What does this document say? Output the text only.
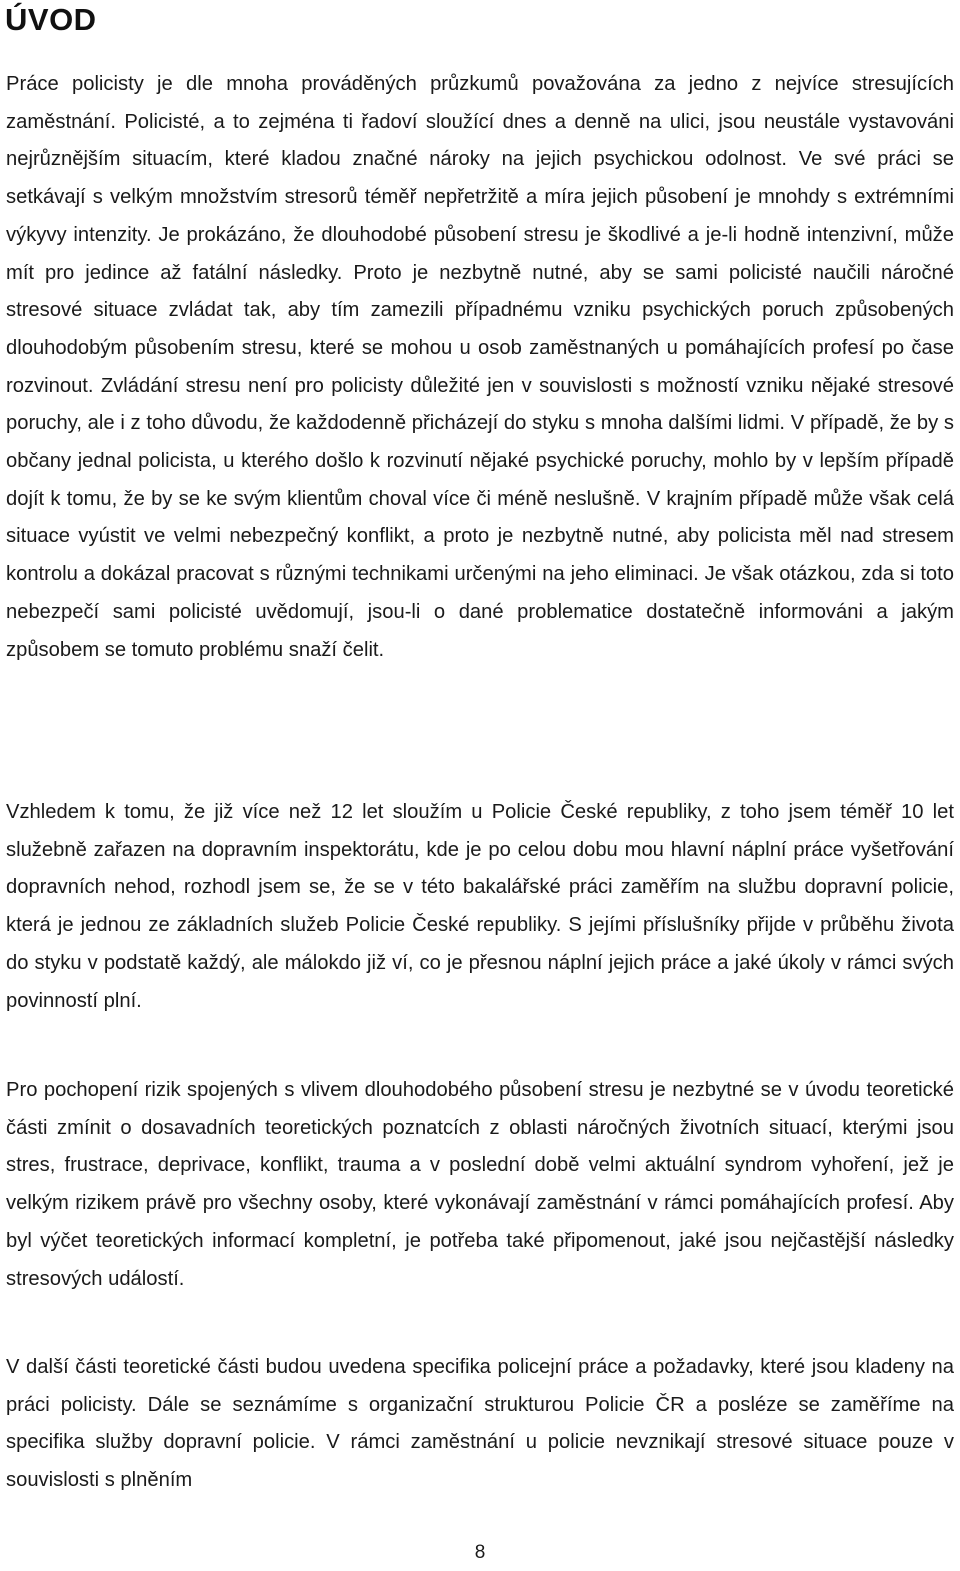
ÚVOD

Práce policisty je dle mnoha prováděných průzkumů považována za jedno z nejvíce stresujících zaměstnání. Policisté, a to zejména ti řadoví sloužící dnes a denně na ulici, jsou neustále vystavováni nejrůznějším situacím, které kladou značné nároky na jejich psychickou odolnost. Ve své práci se setkávají s velkým množstvím stresorů téměř nepřetržitě a míra jejich působení je mnohdy s extrémními výkyvy intenzity. Je prokázáno, že dlouhodobé působení stresu je škodlivé a je-li hodně intenzivní, může mít pro jedince až fatální následky. Proto je nezbytně nutné, aby se sami policisté naučili náročné stresové situace zvládat tak, aby tím zamezili případnému vzniku psychických poruch způsobených dlouhodobým působením stresu, které se mohou u osob zaměstnaných u pomáhajících profesí po čase rozvinout. Zvládání stresu není pro policisty důležité jen v souvislosti s možností vzniku nějaké stresové poruchy, ale i z toho důvodu, že každodenně přicházejí do styku s mnoha dalšími lidmi. V případě, že by s občany jednal policista, u kterého došlo k rozvinutí nějaké psychické poruchy, mohlo by v lepším případě dojít k tomu, že by se ke svým klientům choval více či méně neslušně. V krajním případě může však celá situace vyústit ve velmi nebezpečný konflikt, a proto je nezbytně nutné, aby policista měl nad stresem kontrolu a dokázal pracovat s různými technikami určenými na jeho eliminaci. Je však otázkou, zda si toto nebezpečí sami policisté uvědomují, jsou-li o dané problematice dostatečně informováni a jakým způsobem se tomuto problému snaží čelit.

Vzhledem k tomu, že již více než 12 let sloužím u Policie České republiky, z toho jsem téměř 10 let služebně zařazen na dopravním inspektorátu, kde je po celou dobu mou hlavní náplní práce vyšetřování dopravních nehod, rozhodl jsem se, že se v této bakalářské práci zaměřím na službu dopravní policie, která je jednou ze základních služeb Policie České republiky. S jejími příslušníky přijde v průběhu života do styku v podstatě každý, ale málokdo již ví, co je přesnou náplní jejich práce a jaké úkoly v rámci svých povinností plní.

Pro pochopení rizik spojených s vlivem dlouhodobého působení stresu je nezbytné se v úvodu teoretické části zmínit o dosavadních teoretických poznatcích z oblasti náročných životních situací, kterými jsou stres, frustrace, deprivace, konflikt, trauma a v poslední době velmi aktuální syndrom vyhoření, jež je velkým rizikem právě pro všechny osoby, které vykonávají zaměstnání v rámci pomáhajících profesí. Aby byl výčet teoretických informací kompletní, je potřeba také připomenout, jaké jsou nejčastější následky stresových událostí.

V další části teoretické části budou uvedena specifika policejní práce a požadavky, které jsou kladeny na práci policisty. Dále se seznámíme s organizační strukturou Policie ČR a posléze se zaměříme na specifika služby dopravní policie. V rámci zaměstnání u policie nevznikají stresové situace pouze v souvislosti s plněním

8
